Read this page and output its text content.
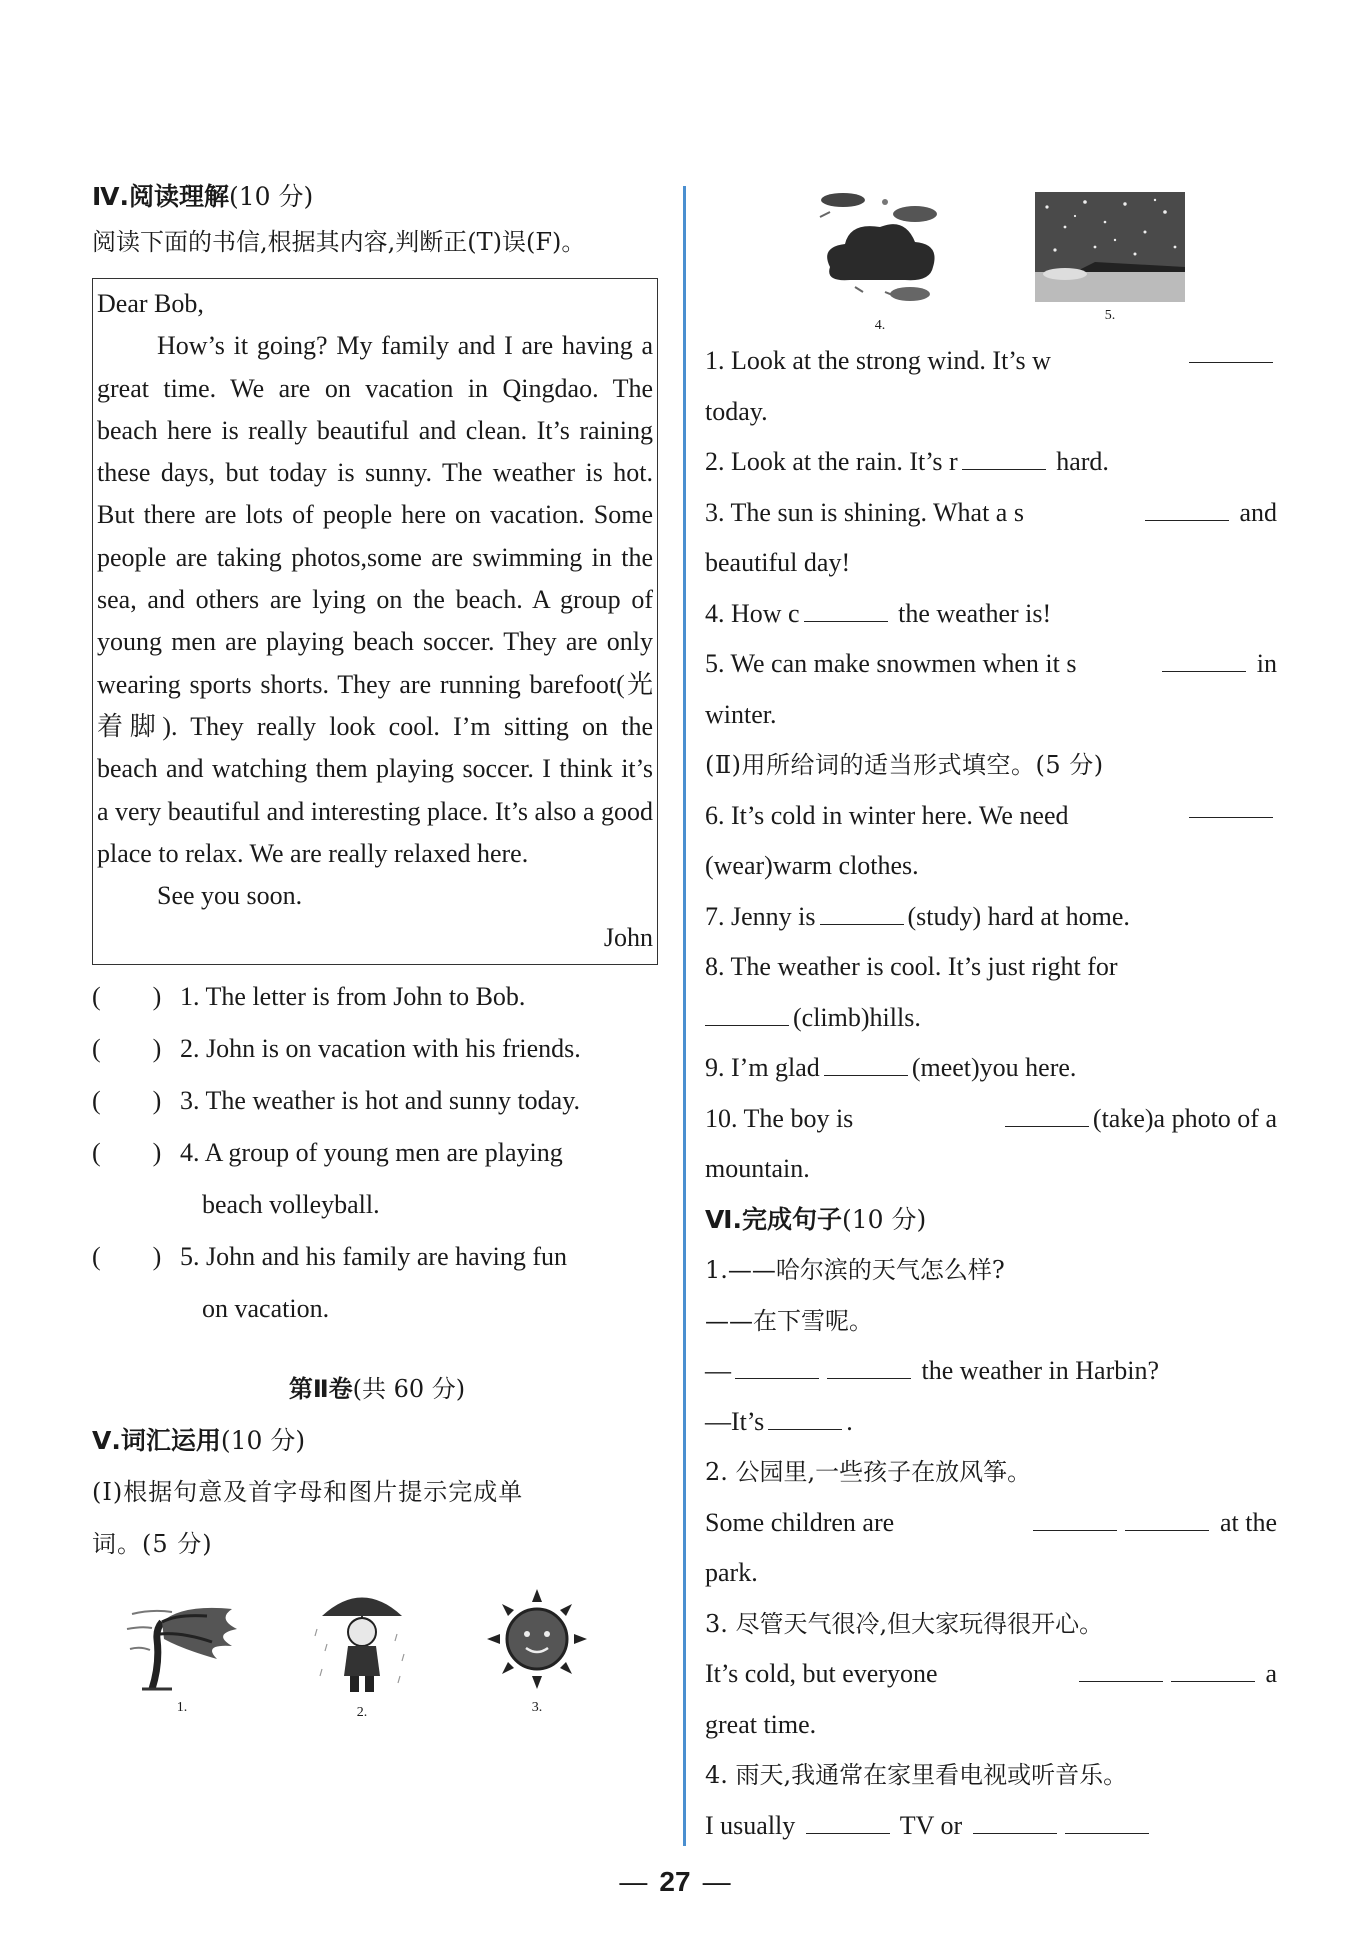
Ⅳ.阅读理解(10 分)

阅读下面的书信,根据其内容,判断正(T)误(F)。

Dear Bob,

How’s it going? My family and I are having a great time. We are on vacation in Qingdao. The beach here is really beautiful and clean. It’s raining these days, but today is sunny. The weather is hot. But there are lots of people here on vacation. Some people are taking photos,some are swimming in the sea, and others are lying on the beach. A group of young men are playing beach soccer. They are only wearing sports shorts. They are running barefoot(光着脚). They really look cool. I’m sitting on the beach and watching them playing soccer. I think it’s a very beautiful and interesting place. It’s also a good place to relax. We are really relaxed here.

See you soon.

John

(        ) 1. The letter is from John to Bob.
(        ) 2. John is on vacation with his friends.
(        ) 3. The weather is hot and sunny today.
(        ) 4. A group of young men are playing
beach volleyball.
(        ) 5. John and his family are having fun
on vacation.
第Ⅱ卷(共 60 分)

Ⅴ.词汇运用(10 分)

(Ⅰ)根据句意及首字母和图片提示完成单

词。(5 分)

1.	2.	3.
4.
5.
1. Look at the strong wind. It’s w
today.
2. Look at the rain. It’s r	hard.
3. The sun is shining. What a s	and
beautiful day!
4. How c	the weather is!
5. We can make snowmen when it s	in
winter.
(Ⅱ)用所给词的适当形式填空。(5 分)
6. It’s cold in winter here. We need
(wear)warm clothes.
7. Jenny is	(study) hard at home.
8. The weather is cool. It’s just right for
(climb)hills.
9. I’m glad	(meet)you here.
10. The boy is	(take)a photo of a
mountain.
Ⅵ.完成句子(10 分)
1.——哈尔滨的天气怎么样?
——在下雪呢。
—	the weather in Harbin?
—It’s	.
2. 公园里,一些孩子在放风筝。
Some children are	at the
park.
3. 尽管天气很冷,但大家玩得很开心。
It’s cold, but everyone	a
great time.
4. 雨天,我通常在家里看电视或听音乐。
I usually	TV or
— 27 —
